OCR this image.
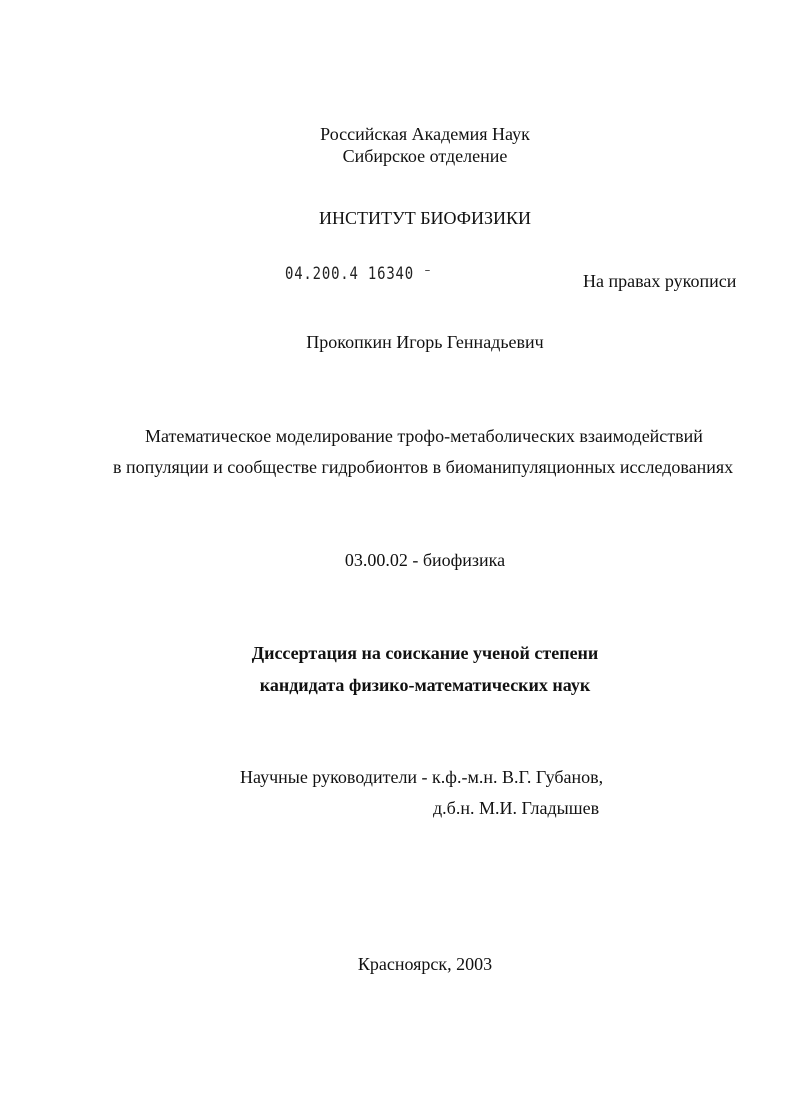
Российская Академия Наук
Сибирское отделение
ИНСТИТУТ БИОФИЗИКИ
04.200.4 16340 ⁻	На правах рукописи
Прокопкин Игорь Геннадьевич
Математическое моделирование трофо-метаболических взаимодействий
в популяции и сообществе гидробионтов в биоманипуляционных исследованиях
03.00.02 - биофизика
Диссертация на соискание ученой степени
кандидата физико-математических наук
Научные руководители - к.ф.-м.н. В.Г. Губанов,
д.б.н. М.И. Гладышев
Красноярск, 2003
